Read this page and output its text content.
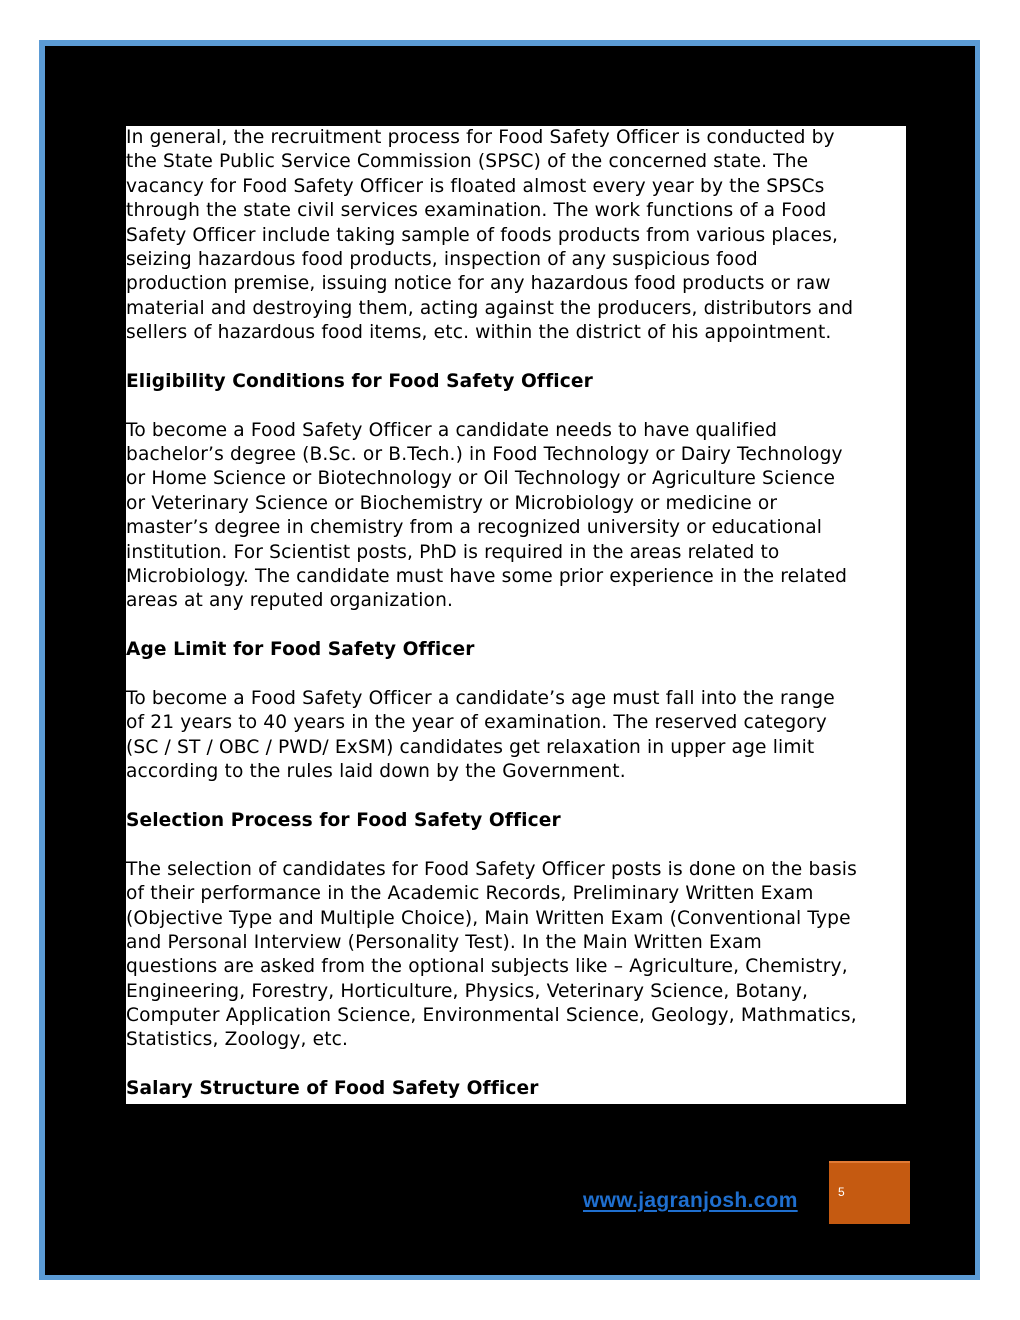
In general, the recruitment process for Food Safety Officer is conducted by
the State Public Service Commission (SPSC) of the concerned state. The
vacancy for Food Safety Officer is floated almost every year by the SPSCs
through the state civil services examination. The work functions of a Food
Safety Officer include taking sample of foods products from various places,
seizing hazardous food products, inspection of any suspicious food
production premise, issuing notice for any hazardous food products or raw
material and destroying them, acting against the producers, distributors and
sellers of hazardous food items, etc. within the district of his appointment.
Eligibility Conditions for Food Safety Officer
To become a Food Safety Officer a candidate needs to have qualified
bachelor’s degree (B.Sc. or B.Tech.) in Food Technology or Dairy Technology
or Home Science or Biotechnology or Oil Technology or Agriculture Science
or Veterinary Science or Biochemistry or Microbiology or medicine or
master’s degree in chemistry from a recognized university or educational
institution. For Scientist posts, PhD is required in the areas related to
Microbiology. The candidate must have some prior experience in the related
areas at any reputed organization.
Age Limit for Food Safety Officer
To become a Food Safety Officer a candidate’s age must fall into the range
of 21 years to 40 years in the year of examination. The reserved category
(SC / ST / OBC / PWD/ ExSM) candidates get relaxation in upper age limit
according to the rules laid down by the Government.
Selection Process for Food Safety Officer
The selection of candidates for Food Safety Officer posts is done on the basis
of their performance in the Academic Records, Preliminary Written Exam
(Objective Type and Multiple Choice), Main Written Exam (Conventional Type
and Personal Interview (Personality Test). In the Main Written Exam
questions are asked from the optional subjects like – Agriculture, Chemistry,
Engineering, Forestry, Horticulture, Physics, Veterinary Science, Botany,
Computer Application Science, Environmental Science, Geology, Mathmatics,
Statistics, Zoology, etc.
Salary Structure of Food Safety Officer
www.jagranjosh.com	5
